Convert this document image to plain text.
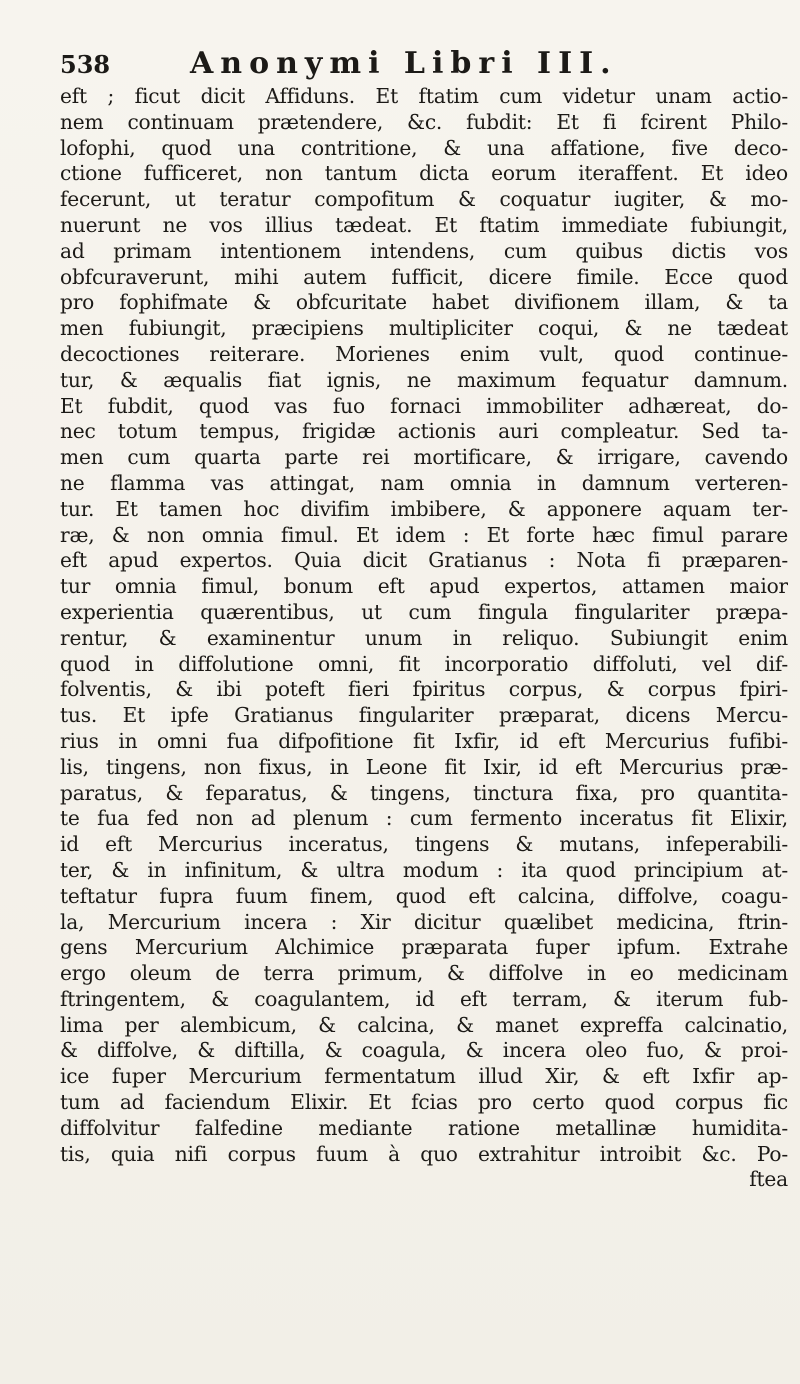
538	Anonymi Libri III.
eft ; ficut dicit Affiduns. Et ftatim cum videtur unam actio-
nem continuam prætendere, &c. fubdit: Et fi fcirent Philo-
lofophi, quod una contritione, & una affatione, five deco-
ctione fufficeret, non tantum dicta eorum iteraffent. Et ideo
fecerunt, ut teratur compofitum & coquatur iugiter, & mo-
nuerunt ne vos illius tædeat. Et ftatim immediate fubiungit,
ad primam intentionem intendens, cum quibus dictis vos
obfcuraverunt, mihi autem fufficit, dicere fimile. Ecce quod
pro fophifmate & obfcuritate habet divifionem illam, & ta
men fubiungit, præcipiens multipliciter coqui, & ne tædeat
decoctiones reiterare. Morienes enim vult, quod continue-
tur, & æqualis fiat ignis, ne maximum fequatur damnum.
Et fubdit, quod vas fuo fornaci immobiliter adhæreat, do-
nec totum tempus, frigidæ actionis auri compleatur. Sed ta-
men cum quarta parte rei mortificare, & irrigare, cavendo
ne flamma vas attingat, nam omnia in damnum verteren-
tur. Et tamen hoc divifim imbibere, & apponere aquam ter-
ræ, & non omnia fimul. Et idem : Et forte hæc fimul parare
eft apud expertos. Quia dicit Gratianus : Nota fi præparen-
tur omnia fimul, bonum eft apud expertos, attamen maior
experientia quærentibus, ut cum fingula fingulariter præpa-
rentur, & examinentur unum in reliquo. Subiungit enim
quod in diffolutione omni, fit incorporatio diffoluti, vel dif-
folventis, & ibi poteft fieri fpiritus corpus, & corpus fpiri-
tus. Et ipfe Gratianus fingulariter præparat, dicens Mercu-
rius in omni fua difpofitione fit Ixfir, id eft Mercurius fufibi-
lis, tingens, non fixus, in Leone fit Ixir, id eft Mercurius præ-
paratus, & feparatus, & tingens, tinctura fixa, pro quantita-
te fua fed non ad plenum : cum fermento inceratus fit Elixir,
id eft Mercurius inceratus, tingens & mutans, infeperabili-
ter, & in infinitum, & ultra modum : ita quod principium at-
teftatur fupra fuum finem, quod eft calcina, diffolve, coagu-
la, Mercurium incera : Xir dicitur quælibet medicina, ftrin-
gens Mercurium Alchimice præparata fuper ipfum. Extrahe
ergo oleum de terra primum, & diffolve in eo medicinam
ftringentem, & coagulantem, id eft terram, & iterum fub-
lima per alembicum, & calcina, & manet expreffa calcinatio,
& diffolve, & diftilla, & coagula, & incera oleo fuo, & proi-
ice fuper Mercurium fermentatum illud Xir, & eft Ixfir ap-
tum ad faciendum Elixir. Et fcias pro certo quod corpus fic
diffolvitur falfedine mediante ratione metallinæ humidita-
tis, quia nifi corpus fuum à quo extrahitur introibit &c. Po-
ftea
